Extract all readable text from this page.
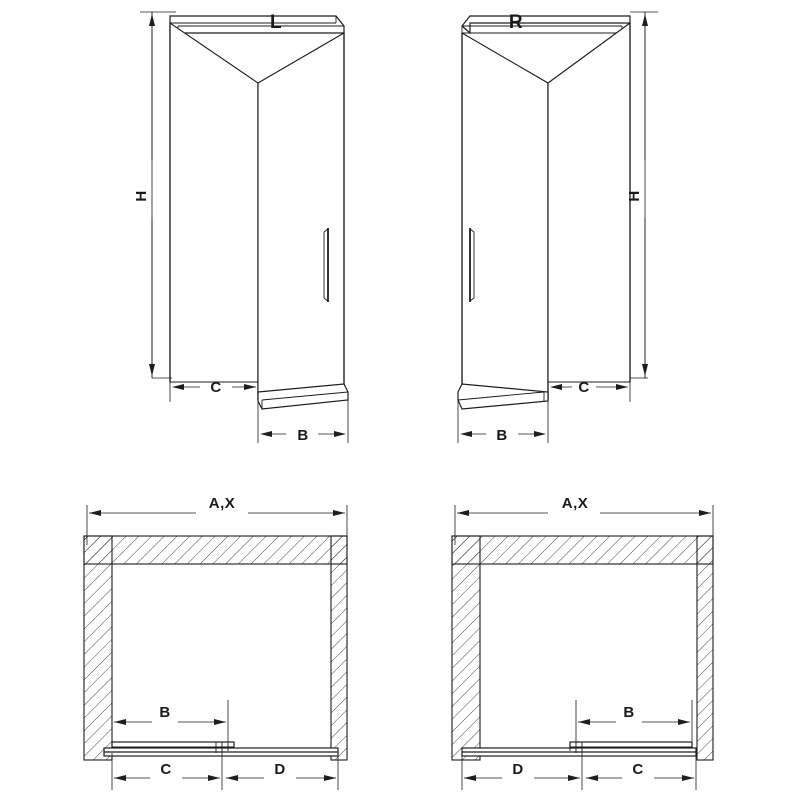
L
H
C
B
R
H
B
C
A,X
B
C	D
A,X
B
D	C
